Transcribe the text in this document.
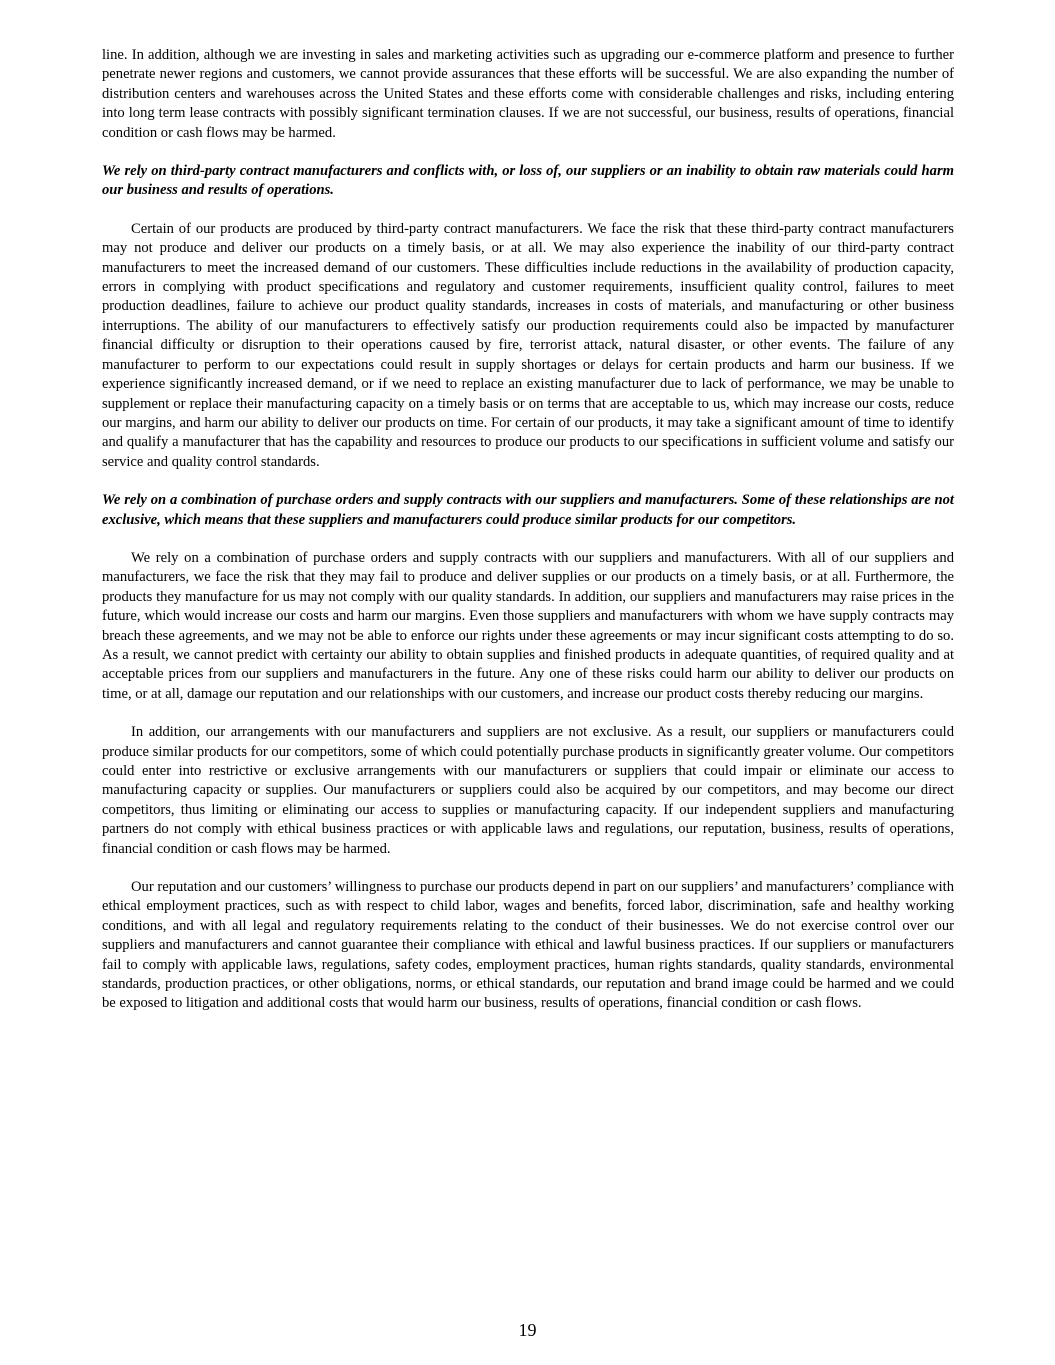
line. In addition, although we are investing in sales and marketing activities such as upgrading our e-commerce platform and presence to further penetrate newer regions and customers, we cannot provide assurances that these efforts will be successful. We are also expanding the number of distribution centers and warehouses across the United States and these efforts come with considerable challenges and risks, including entering into long term lease contracts with possibly significant termination clauses. If we are not successful, our business, results of operations, financial condition or cash flows may be harmed.

We rely on third-party contract manufacturers and conflicts with, or loss of, our suppliers or an inability to obtain raw materials could harm our business and results of operations.

Certain of our products are produced by third-party contract manufacturers. We face the risk that these third-party contract manufacturers may not produce and deliver our products on a timely basis, or at all. We may also experience the inability of our third-party contract manufacturers to meet the increased demand of our customers. These difficulties include reductions in the availability of production capacity, errors in complying with product specifications and regulatory and customer requirements, insufficient quality control, failures to meet production deadlines, failure to achieve our product quality standards, increases in costs of materials, and manufacturing or other business interruptions. The ability of our manufacturers to effectively satisfy our production requirements could also be impacted by manufacturer financial difficulty or disruption to their operations caused by fire, terrorist attack, natural disaster, or other events. The failure of any manufacturer to perform to our expectations could result in supply shortages or delays for certain products and harm our business. If we experience significantly increased demand, or if we need to replace an existing manufacturer due to lack of performance, we may be unable to supplement or replace their manufacturing capacity on a timely basis or on terms that are acceptable to us, which may increase our costs, reduce our margins, and harm our ability to deliver our products on time. For certain of our products, it may take a significant amount of time to identify and qualify a manufacturer that has the capability and resources to produce our products to our specifications in sufficient volume and satisfy our service and quality control standards.

We rely on a combination of purchase orders and supply contracts with our suppliers and manufacturers. Some of these relationships are not exclusive, which means that these suppliers and manufacturers could produce similar products for our competitors.

We rely on a combination of purchase orders and supply contracts with our suppliers and manufacturers. With all of our suppliers and manufacturers, we face the risk that they may fail to produce and deliver supplies or our products on a timely basis, or at all. Furthermore, the products they manufacture for us may not comply with our quality standards. In addition, our suppliers and manufacturers may raise prices in the future, which would increase our costs and harm our margins. Even those suppliers and manufacturers with whom we have supply contracts may breach these agreements, and we may not be able to enforce our rights under these agreements or may incur significant costs attempting to do so. As a result, we cannot predict with certainty our ability to obtain supplies and finished products in adequate quantities, of required quality and at acceptable prices from our suppliers and manufacturers in the future. Any one of these risks could harm our ability to deliver our products on time, or at all, damage our reputation and our relationships with our customers, and increase our product costs thereby reducing our margins.

In addition, our arrangements with our manufacturers and suppliers are not exclusive. As a result, our suppliers or manufacturers could produce similar products for our competitors, some of which could potentially purchase products in significantly greater volume. Our competitors could enter into restrictive or exclusive arrangements with our manufacturers or suppliers that could impair or eliminate our access to manufacturing capacity or supplies. Our manufacturers or suppliers could also be acquired by our competitors, and may become our direct competitors, thus limiting or eliminating our access to supplies or manufacturing capacity. If our independent suppliers and manufacturing partners do not comply with ethical business practices or with applicable laws and regulations, our reputation, business, results of operations, financial condition or cash flows may be harmed.

Our reputation and our customers’ willingness to purchase our products depend in part on our suppliers’ and manufacturers’ compliance with ethical employment practices, such as with respect to child labor, wages and benefits, forced labor, discrimination, safe and healthy working conditions, and with all legal and regulatory requirements relating to the conduct of their businesses. We do not exercise control over our suppliers and manufacturers and cannot guarantee their compliance with ethical and lawful business practices. If our suppliers or manufacturers fail to comply with applicable laws, regulations, safety codes, employment practices, human rights standards, quality standards, environmental standards, production practices, or other obligations, norms, or ethical standards, our reputation and brand image could be harmed and we could be exposed to litigation and additional costs that would harm our business, results of operations, financial condition or cash flows.

19
